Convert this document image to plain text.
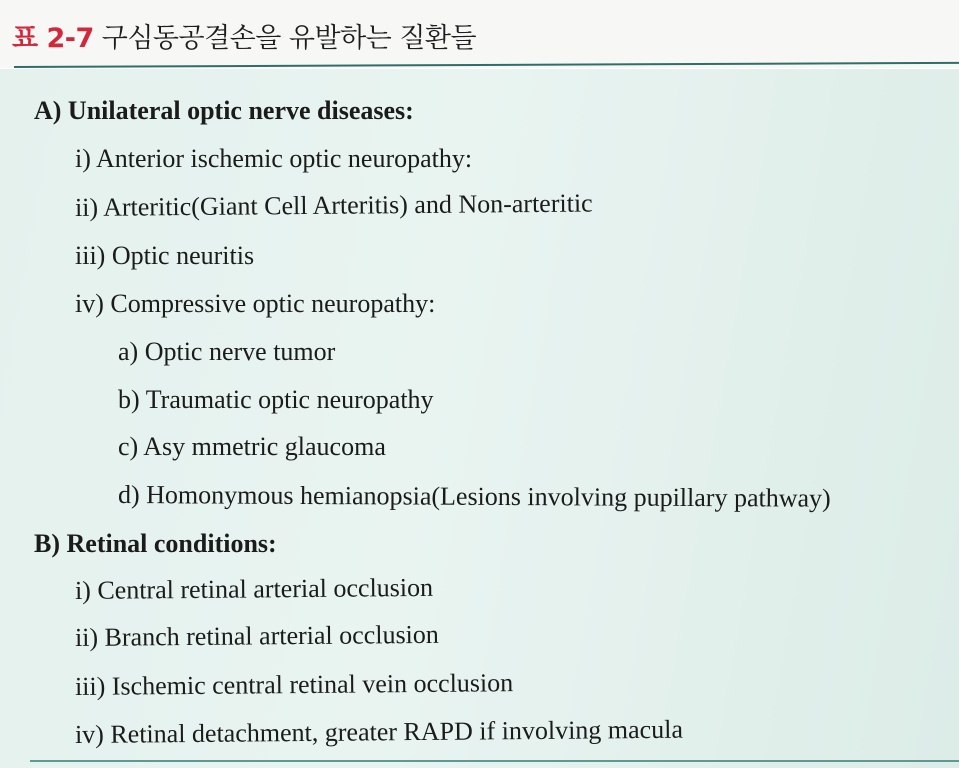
표 2-7 구심동공결손을 유발하는 질환들
A) Unilateral optic nerve diseases:
i) Anterior ischemic optic neuropathy:
ii) Arteritic(Giant Cell Arteritis) and Non-arteritic
iii) Optic neuritis
iv) Compressive optic neuropathy:
a) Optic nerve tumor
b) Traumatic optic neuropathy
c) Asy mmetric glaucoma
d) Homonymous hemianopsia(Lesions involving pupillary pathway)
B) Retinal conditions:
i) Central retinal arterial occlusion
ii) Branch retinal arterial occlusion
iii) Ischemic central retinal vein occlusion
iv) Retinal detachment, greater RAPD if involving macula
